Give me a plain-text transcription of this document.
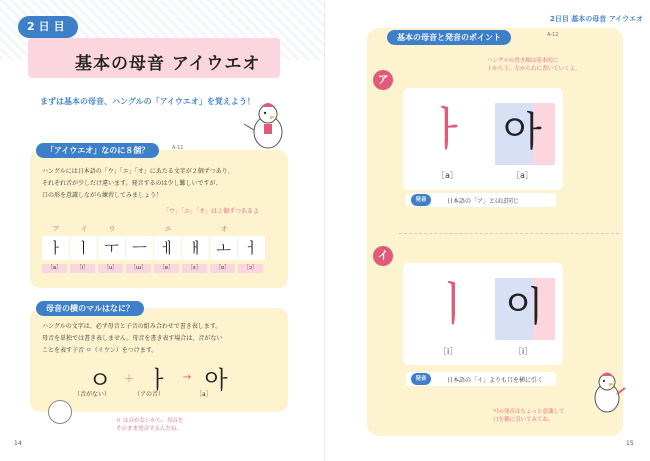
2日目
基本の母音 アイウエオ
まずは基本の母音、ハングルの「アイウエオ」を覚えよう！
「アイウエオ」なのに８個？	A-11
ハングルには日本語の「ウ」「エ」「オ」にあたる文字が２個ずつあり、
それぞれ音が少しだけ違います。発音するのは少し難しいですが、
口の形を意識しながら練習してみましょう！
「ウ」「エ」「オ」は２個ずつあるよ
ア	イ	ウ	エ	オ
ㅏ ㅣ ㅜ ㅡ ㅔ ㅐ ㅗ ㅓ
［a］	［i］	［u］	［ɯ］	［e］	［ɛ］	［o］	［ɔ］
母音の横のマルはなに？
ハングルの文字は、必ず母音と子音の組み合わせで書き表します。
母音を単独では書き表しません。母音を書き表す場合は、音がない
ことを表す子音 ㅇ（イウン）をつけます。
ㅇ	＋ ㅏ	→ 아
（音がない）	（アの音）	［a］
ㅇ は音がないから、母音を
そのまま発音するんだね。
14
2日目 基本の母音 アイウエオ
基本の母音と発音のポイント	A-12
ハングルの書き順は基本的に
上から下、左から右に書いていくよ。
ア
ㅏ 아
［a］	［a］
発音	日本語の「ア」とほぼ同じ
イ
ㅣ 이
［i］	［i］
発音	日本語の「イ」よりも口を横に引く
이の発音はちょっと意識して
口を横に引いてみてね。
15
